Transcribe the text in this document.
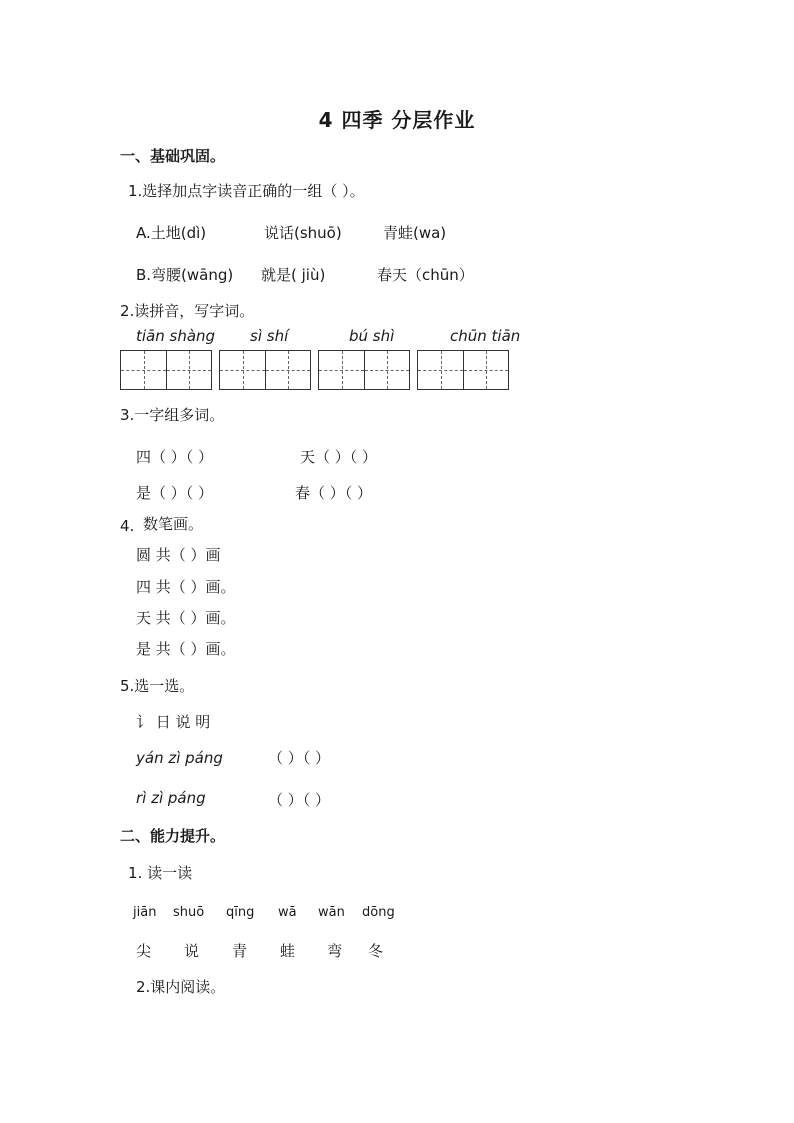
4 四季 分层作业
一、基础巩固。
1.选择加点字读音正确的一组（ ）。
A.土地(dì)	说话(shuō)	青蛙(wa)
B.弯腰(wāng) 就是( jiù)	春天（chūn）
2.读拼音，写字词。
tiān shàng sì shí	bú shì	chūn tiān
3.一字组多词。
四（ ）（ ）	天（ ）（ ）
是（ ）（ ）	春（ ）（ ）
4. 数笔画。
圆 共（ ）画
四 共（ ）画。
天 共（ ）画。
是 共（ ）画。
5.选一选。
讠 日 说 明
yán zì páng	（ ）（ ）
rì zì páng	（ ）（ ）
二、能力提升。
1. 读一读
jiān shuō qīng wā wān dōng
尖 说 青 蛙 弯 冬
2.课内阅读。
